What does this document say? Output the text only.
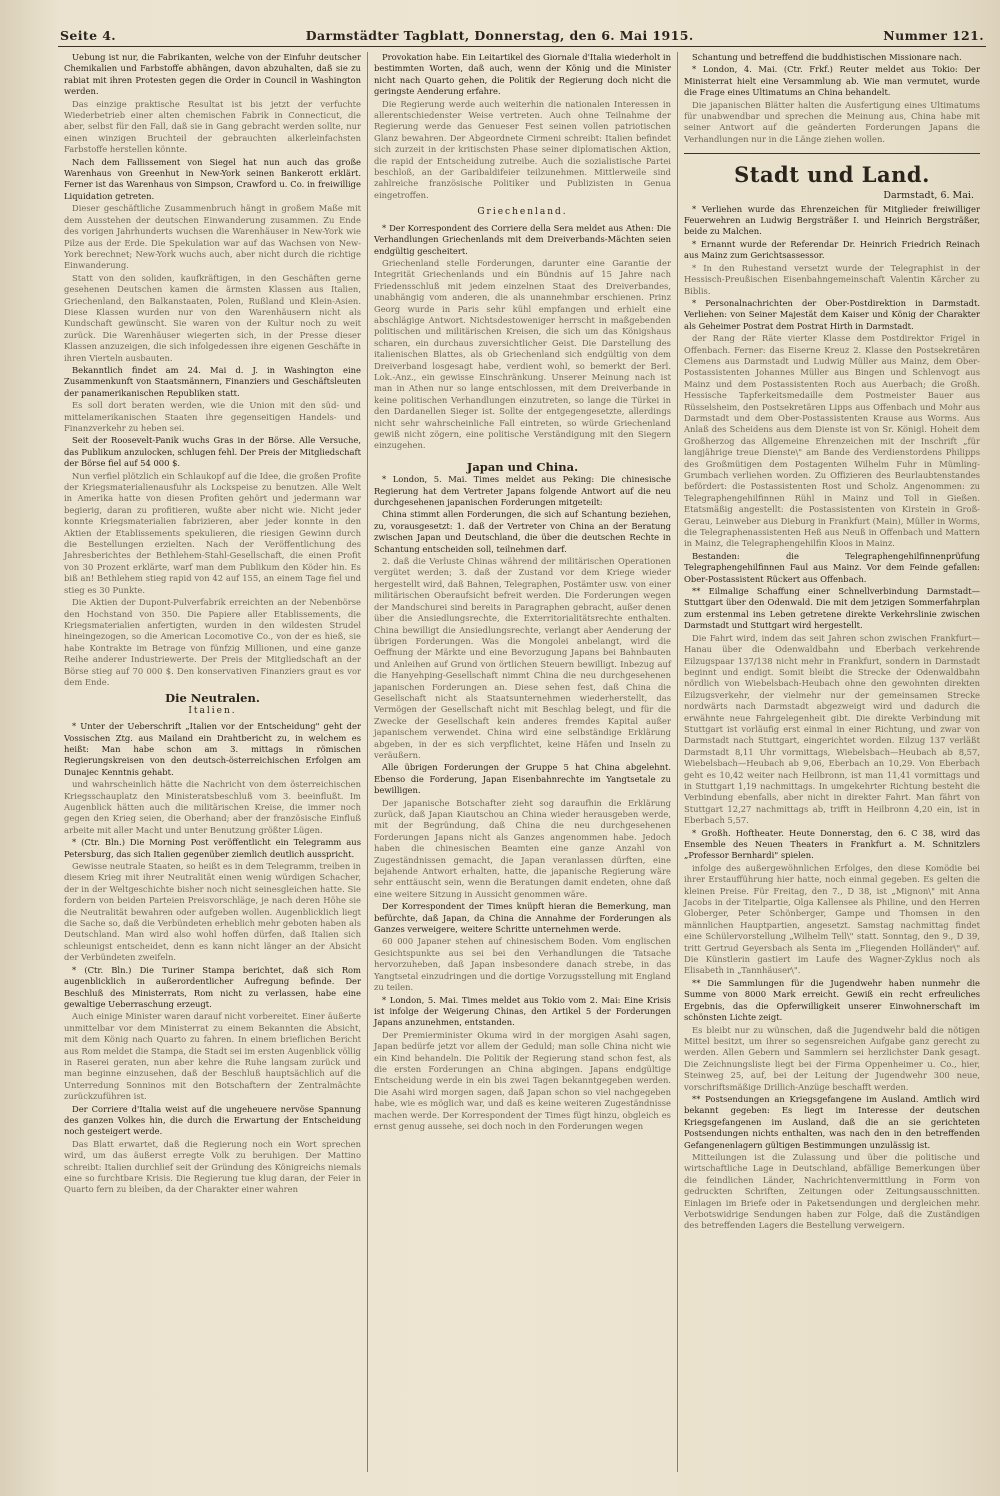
Seite 4.	Darmstädter Tagblatt, Donnerstag, den 6. Mai 1915.	Nummer 121.

Uebung ist nur, die Fabrikanten, welche von der Einfuhr deutscher Chemikalien und Farbstoffe abhängen, davon abzuhalten, daß sie zu rabiat mit ihren Protesten gegen die Order in Council in Washington werden.

Das einzige praktische Resultat ist bis jetzt der verfuchte Wiederbetrieb einer alten chemischen Fabrik in Connecticut, die aber, selbst für den Fall, daß sie in Gang gebracht werden sollte, nur einen winzigen Bruchteil der gebrauchten alkerleinfachsten Farbstoffe herstellen könnte.

Nach dem Fallissement von Siegel hat nun auch das große Warenhaus von Greenhut in New-York seinen Bankerott erklärt. Ferner ist das Warenhaus von Simpson, Crawford u. Co. in freiwillige Liquidation getreten.

Dieser geschäftliche Zusammenbruch hängt in großem Maße mit dem Ausstehen der deutschen Einwanderung zusammen. Zu Ende des vorigen Jahrhunderts wuchsen die Warenhäuser in New-York wie Pilze aus der Erde. Die Spekulation war auf das Wachsen von New-York berechnet; New-York wuchs auch, aber nicht durch die richtige Einwanderung.

Statt von den soliden, kaufkräftigen, in den Geschäften gerne gesehenen Deutschen kamen die ärmsten Klassen aus Italien, Griechenland, den Balkanstaaten, Polen, Rußland und Klein-Asien. Diese Klassen wurden nur von den Warenhäusern nicht als Kundschaft gewünscht. Sie waren von der Kultur noch zu weit zurück. Die Warenhäuser wiegerten sich, in der Presse dieser Klassen anzuzeigen, die sich infolgedessen ihre eigenen Geschäfte in ihren Vierteln ausbauten.

Bekanntlich findet am 24. Mai d. J. in Washington eine Zusammenkunft von Staatsmännern, Finanziers und Geschäftsleuten der panamerikanischen Republiken statt.

Es soll dort beraten werden, wie die Union mit den süd- und mittelamerikanischen Staaten ihre gegenseitigen Handels- und Finanzverkehr zu heben sei.

Seit der Roosevelt-Panik wuchs Gras in der Börse. Alle Versuche, das Publikum anzulocken, schlugen fehl. Der Preis der Mitgliedschaft der Börse fiel auf 54 000 $.

Nun verfiel plötzlich ein Schlaukopf auf die Idee, die großen Profite der Kriegsmaterialienausfuhr als Lockspeise zu benutzen. Alle Welt in Amerika hatte von diesen Profiten gehört und jedermann war begierig, daran zu profitieren, wußte aber nicht wie. Nicht jeder konnte Kriegsmaterialien fabrizieren, aber jeder konnte in den Aktien der Etablissements spekulieren, die riesigen Gewinn durch die Bestellungen erzielten. Nach der Veröffentlichung des Jahresberichtes der Bethlehem-Stahl-Gesellschaft, die einen Profit von 30 Prozent erklärte, warf man dem Publikum den Köder hin. Es biß an! Bethlehem stieg rapid von 42 auf 155, an einem Tage fiel und stieg es 30 Punkte.

Die Aktien der Dupont-Pulverfabrik erreichten an der Nebenbörse den Hochstand von 350. Die Papiere aller Etablissements, die Kriegsmaterialien anfertigten, wurden in den wildesten Strudel hineingezogen, so die American Locomotive Co., von der es hieß, sie habe Kontrakte im Betrage von fünfzig Millionen, und eine ganze Reihe anderer Industriewerte. Der Preis der Mitgliedschaft an der Börse stieg auf 70 000 $. Den konservativen Finanziers graut es vor dem Ende.

Die Neutralen.
Italien.

* Unter der Ueberschrift „Italien vor der Entscheidung" geht der Vossischen Ztg. aus Mailand ein Drahtbericht zu, in welchem es heißt: Man habe schon am 3. mittags in römischen Regierungskreisen von den deutsch-österreichischen Erfolgen am Dunajec Kenntnis gehabt.

und wahrscheinlich hätte die Nachricht von dem österreichischen Kriegsschauplatz den Ministeratsbeschluß vom 3. beeinflußt. Im Augenblick hätten auch die militärischen Kreise, die immer noch gegen den Krieg seien, die Oberhand; aber der französische Einfluß arbeite mit aller Macht und unter Benutzung größter Lügen.

* (Ctr. Bln.) Die Morning Post veröffentlicht ein Telegramm aus Petersburg, das sich Italien gegenüber ziemlich deutlich ausspricht.

Gewisse neutrale Staaten, so heißt es in dem Telegramm, treiben in diesem Krieg mit ihrer Neutralität einen wenig würdigen Schacher, der in der Weltgeschichte bisher noch nicht seinesgleichen hatte. Sie fordern von beiden Parteien Preisvorschläge, je nach deren Höhe sie die Neutralität bewahren oder aufgeben wollen. Augenblicklich liegt die Sache so, daß die Verbündeten erheblich mehr geboten haben als Deutschland. Man wird also wohl hoffen dürfen, daß Italien sich schleunigst entscheidet, denn es kann nicht länger an der Absicht der Verbündeten zweifeln.

* (Ctr. Bln.) Die Turiner Stampa berichtet, daß sich Rom augenblicklich in außerordentlicher Aufregung befinde. Der Beschluß des Ministerrats, Rom nicht zu verlassen, habe eine gewaltige Ueberraschung erzeugt.

Auch einige Minister waren darauf nicht vorbereitet. Einer äußerte unmittelbar vor dem Ministerrat zu einem Bekannten die Absicht, mit dem König nach Quarto zu fahren. In einem brieflichen Bericht aus Rom meldet die Stampa, die Stadt sei im ersten Augenblick völlig in Raserei geraten, nun aber kehre die Ruhe langsam zurück und man beginne einzusehen, daß der Beschluß hauptsächlich auf die Unterredung Sonninos mit den Botschaftern der Zentralmächte zurückzuführen ist.

Der Corriere d'Italia weist auf die ungeheuere nervöse Spannung des ganzen Volkes hin, die durch die Erwartung der Entscheidung noch gesteigert werde.

Das Blatt erwartet, daß die Regierung noch ein Wort sprechen wird, um das äußerst erregte Volk zu beruhigen. Der Mattino schreibt: Italien durchlief seit der Gründung des Königreichs niemals eine so furchtbare Krisis. Die Regierung tue klug daran, der Feier in Quarto fern zu bleiben, da der Charakter einer wahren

Provokation habe. Ein Leitartikel des Giornale d'Italia wiederholt in bestimmten Worten, daß auch, wenn der König und die Minister nicht nach Quarto gehen, die Politik der Regierung doch nicht die geringste Aenderung erfahre.

Die Regierung werde auch weiterhin die nationalen Interessen in allerentschiedenster Weise vertreten. Auch ohne Teilnahme der Regierung werde das Genueser Fest seinen vollen patriotischen Glanz bewahren. Der Abgeordnete Cirmeni schreibt: Italien befindet sich zurzeit in der kritischsten Phase seiner diplomatischen Aktion, die rapid der Entscheidung zutreibe. Auch die sozialistische Partei beschloß, an der Garibaldifeier teilzunehmen. Mittlerweile sind zahlreiche französische Politiker und Publizisten in Genua eingetroffen.

Griechenland.

* Der Korrespondent des Corriere della Sera meldet aus Athen: Die Verhandlungen Griechenlands mit dem Dreiverbands-Mächten seien endgültig gescheitert.

Griechenland stelle Forderungen, darunter eine Garantie der Integrität Griechenlands und ein Bündnis auf 15 Jahre nach Friedensschluß mit jedem einzelnen Staat des Dreiverbandes, unabhängig vom anderen, die als unannehmbar erschienen. Prinz Georg wurde in Paris sehr kühl empfangen und erhielt eine abschlägige Antwort. Nichtsdestoweniger herrscht in maßgebenden politischen und militärischen Kreisen, die sich um das Königshaus scharen, ein durchaus zuversichtlicher Geist. Die Darstellung des italienischen Blattes, als ob Griechenland sich endgültig von dem Dreiverband losgesagt habe, verdient wohl, so bemerkt der Berl. Lok.-Anz., ein gewisse Einschränkung. Unserer Meinung nach ist man in Athen nur so lange entschlossen, mit dem Dreiverbande in keine politischen Verhandlungen einzutreten, so lange die Türkei in den Dardanellen Sieger ist. Sollte der entgegengesetzte, allerdings nicht sehr wahrscheinliche Fall eintreten, so würde Griechenland gewiß nicht zögern, eine politische Verständigung mit den Siegern einzugehen.

Japan und China.

* London, 5. Mai. Times meldet aus Peking: Die chinesische Regierung hat dem Vertreter Japans folgende Antwort auf die neu durchgesehenen japanischen Forderungen mitgeteilt:

China stimmt allen Forderungen, die sich auf Schantung beziehen, zu, vorausgesetzt: 1. daß der Vertreter von China an der Beratung zwischen Japan und Deutschland, die über die deutschen Rechte in Schantung entscheiden soll, teilnehmen darf.

2. daß die Verluste Chinas während der militärischen Operationen vergütet werden; 3. daß der Zustand vor dem Kriege wieder hergestellt wird, daß Bahnen, Telegraphen, Postämter usw. von einer militärischen Oberaufsicht befreit werden. Die Forderungen wegen der Mandschurei sind bereits in Paragraphen gebracht, außer denen über die Ansiedlungsrechte, die Exterritorialitätsrechte enthalten. China bewilligt die Ansiedlungsrechte, verlangt aber Aenderung der übrigen Forderungen. Was die Mongolei anbelangt, wird die Oeffnung der Märkte und eine Bevorzugung Japans bei Bahnbauten und Anleihen auf Grund von örtlichen Steuern bewilligt. Inbezug auf die Hanyehping-Gesellschaft nimmt China die neu durchgesehenen japanischen Forderungen an. Diese sehen fest, daß China die Gesellschaft nicht als Staatsunternehmen wiederherstellt, das Vermögen der Gesellschaft nicht mit Beschlag belegt, und für die Zwecke der Gesellschaft kein anderes fremdes Kapital außer japanischem verwendet. China wird eine selbständige Erklärung abgeben, in der es sich verpflichtet, keine Häfen und Inseln zu veräußern.

Alle übrigen Forderungen der Gruppe 5 hat China abgelehnt. Ebenso die Forderung, Japan Eisenbahnrechte im Yangtsetale zu bewilligen.

Der japanische Botschafter zieht sog daraufhin die Erklärung zurück, daß Japan Kiautschou an China wieder herausgeben werde, mit der Begründung, daß China die neu durchgesehenen Forderungen Japans nicht als Ganzes angenommen habe. Jedoch haben die chinesischen Beamten eine ganze Anzahl von Zugeständnissen gemacht, die Japan veranlassen dürften, eine bejahende Antwort erhalten, hatte, die japanische Regierung wäre sehr enttäuscht sein, wenn die Beratungen damit endeten, ohne daß eine weitere Sitzung in Aussicht genommen wäre.

Der Korrespondent der Times knüpft hieran die Bemerkung, man befürchte, daß Japan, da China die Annahme der Forderungen als Ganzes verweigere, weitere Schritte unternehmen werde.

60 000 Japaner stehen auf chinesischem Boden. Vom englischen Gesichtspunkte aus sei bei den Verhandlungen die Tatsache hervorzuheben, daß Japan insbesondere danach strebe, in das Yangtsetal einzudringen und die dortige Vorzugsstellung mit England zu teilen.

* London, 5. Mai. Times meldet aus Tokio vom 2. Mai: Eine Krisis ist infolge der Weigerung Chinas, den Artikel 5 der Forderungen Japans anzunehmen, entstanden.

Der Premierminister Okuma wird in der morgigen Asahi sagen, Japan bedürfe jetzt vor allem der Geduld; man solle China nicht wie ein Kind behandeln. Die Politik der Regierung stand schon fest, als die ersten Forderungen an China abgingen. Japans endgültige Entscheidung werde in ein bis zwei Tagen bekanntgegeben werden. Die Asahi wird morgen sagen, daß Japan schon so viel nachgegeben habe, wie es möglich war, und daß es keine weiteren Zugeständnisse machen werde. Der Korrespondent der Times fügt hinzu, obgleich es ernst genug aussehe, sei doch noch in den Forderungen wegen

Schantung und betreffend die buddhistischen Missionare nach.

* London, 4. Mai. (Ctr. Frkf.) Reuter meldet aus Tokio: Der Ministerrat hielt eine Versammlung ab. Wie man vermutet, wurde die Frage eines Ultimatums an China behandelt.

Die japanischen Blätter halten die Ausfertigung eines Ultimatums für unabwendbar und sprechen die Meinung aus, China habe mit seiner Antwort auf die geänderten Forderungen Japans die Verhandlungen nur in die Länge ziehen wollen.

Stadt und Land.
Darmstadt, 6. Mai.

* Verliehen wurde das Ehrenzeichen für Mitglieder freiwilliger Feuerwehren an Ludwig Bergsträßer I. und Heinrich Bergsträßer, beide zu Malchen.

* Ernannt wurde der Referendar Dr. Heinrich Friedrich Reinach aus Mainz zum Gerichtsassessor.

* In den Ruhestand versetzt wurde der Telegraphist in der Hessisch-Preußischen Eisenbahngemeinschaft Valentin Kärcher zu Biblis.

* Personalnachrichten der Ober-Postdirektion in Darmstadt. Verliehen: von Seiner Majestät dem Kaiser und König der Charakter als Geheimer Postrat dem Postrat Hirth in Darmstadt.

der Rang der Räte vierter Klasse dem Postdirektor Frigel in Offenbach. Ferner: das Eiserne Kreuz 2. Klasse den Postsekretären Clemens aus Darmstadt und Ludwig Müller aus Mainz, dem Ober-Postassistenten Johannes Müller aus Bingen und Schlenvogt aus Mainz und dem Postassistenten Roch aus Auerbach; die Großh. Hessische Tapferkeitsmedaille dem Postmeister Bauer aus Rüsselsheim, den Postsekretären Lipps aus Offenbach und Mohr aus Darmstadt und dem Ober-Postassistenten Krause aus Worms. Aus Anlaß des Scheidens aus dem Dienste ist von Sr. Königl. Hoheit dem Großherzog das Allgemeine Ehrenzeichen mit der Inschrift „für langjährige treue Dienste\" am Bande des Verdienstordens Philipps des Großmütigen dem Postagenten Wilhelm Fuhr in Mümling-Grumbach verliehen worden. Zu Offizieren des Beurlaubtenstandes befördert: die Postassistenten Rost und Scholz. Angenommen: zu Telegraphengehilfinnen Rühl in Mainz und Toll in Gießen. Etatsmäßig angestellt: die Postassistenten von Kirstein in Groß-Gerau, Leinweber aus Dieburg in Frankfurt (Main), Müller in Worms, die Telegraphenassistenten Heß aus Neuß in Offenbach und Mattern in Mainz, die Telegraphengehilfin Kloos in Mainz.

Bestanden: die Telegraphengehilfinnenprüfung Telegraphengehilfinnen Faul aus Mainz. Vor dem Feinde gefallen: Ober-Postassistent Rückert aus Offenbach.

** Eilmalige Schaffung einer Schnellverbindung Darmstadt—Stuttgart über den Odenwald. Die mit dem jetzigen Sommerfahrplan zum erstenmal ins Leben getretene direkte Verkehrslinie zwischen Darmstadt und Stuttgart wird hergestellt.

Die Fahrt wird, indem das seit Jahren schon zwischen Frankfurt—Hanau über die Odenwaldbahn und Eberbach verkehrende Eilzugspaar 137/138 nicht mehr in Frankfurt, sondern in Darmstadt beginnt und endigt. Somit bleibt die Strecke der Odenwaldbahn nördlich von Wiebelsbach-Heubach ohne den gewohnten direkten Eilzugsverkehr, der vielmehr nur der gemeinsamen Strecke nordwärts nach Darmstadt abgezweigt wird und dadurch die erwähnte neue Fahrgelegenheit gibt. Die direkte Verbindung mit Stuttgart ist vorläufig erst einmal in einer Richtung, und zwar von Darmstadt nach Stuttgart, eingerichtet worden. Eilzug 137 verläßt Darmstadt 8,11 Uhr vormittags, Wiebelsbach—Heubach ab 8,57, Wiebelsbach—Heubach ab 9,06, Eberbach an 10,29. Von Eberbach geht es 10,42 weiter nach Heilbronn, ist man 11,41 vormittags und in Stuttgart 1,19 nachmittags. In umgekehrter Richtung besteht die Verbindung ebenfalls, aber nicht in direkter Fahrt. Man fährt von Stuttgart 12,27 nachmittags ab, trifft in Heilbronn 4,20 ein, ist in Eberbach 5,57.

* Großh. Hoftheater. Heute Donnerstag, den 6. C 38, wird das Ensemble des Neuen Theaters in Frankfurt a. M. Schnitzlers „Professor Bernhardi" spielen.

infolge des außergewöhnlichen Erfolges, den diese Komödie bei ihrer Erstaufführung hier hatte, noch einmal gegeben. Es gelten die kleinen Preise. Für Freitag, den 7., D 38, ist „Mignon\" mit Anna Jacobs in der Titelpartie, Olga Kallensee als Philine, und den Herren Globerger, Peter Schönberger, Gampe und Thomsen in den männlichen Hauptpartien, angesetzt. Samstag nachmittag findet eine Schülervorstellung „Wilhelm Tell\" statt. Sonntag, den 9., D 39, tritt Gertrud Geyersbach als Senta im „Fliegenden Holländer\" auf. Die Künstlerin gastiert im Laufe des Wagner-Zyklus noch als Elisabeth in „Tannhäuser\".

** Die Sammlungen für die Jugendwehr haben nunmehr die Summe von 8000 Mark erreicht. Gewiß ein recht erfreuliches Ergebnis, das die Opferwilligkeit unserer Einwohnerschaft im schönsten Lichte zeigt.

Es bleibt nur zu wünschen, daß die Jugendwehr bald die nötigen Mittel besitzt, um ihrer so segensreichen Aufgabe ganz gerecht zu werden. Allen Gebern und Sammlern sei herzlichster Dank gesagt. Die Zeichnungsliste liegt bei der Firma Oppenheimer u. Co., hier, Steinweg 25, auf, bei der Leitung der Jugendwehr 300 neue, vorschriftsmäßige Drillich-Anzüge beschafft werden.

** Postsendungen an Kriegsgefangene im Ausland. Amtlich wird bekannt gegeben: Es liegt im Interesse der deutschen Kriegsgefangenen im Ausland, daß die an sie gerichteten Postsendungen nichts enthalten, was nach den in den betreffenden Gefangenenlagern gültigen Bestimmungen unzulässig ist.

Mitteilungen ist die Zulassung und über die politische und wirtschaftliche Lage in Deutschland, abfällige Bemerkungen über die feindlichen Länder, Nachrichtenvermittlung in Form von gedruckten Schriften, Zeitungen oder Zeitungsausschnitten. Einlagen im Briefe oder in Paketsendungen und dergleichen mehr. Verbotswidrige Sendungen haben zur Folge, daß die Zuständigen des betreffenden Lagers die Bestellung verweigern.
